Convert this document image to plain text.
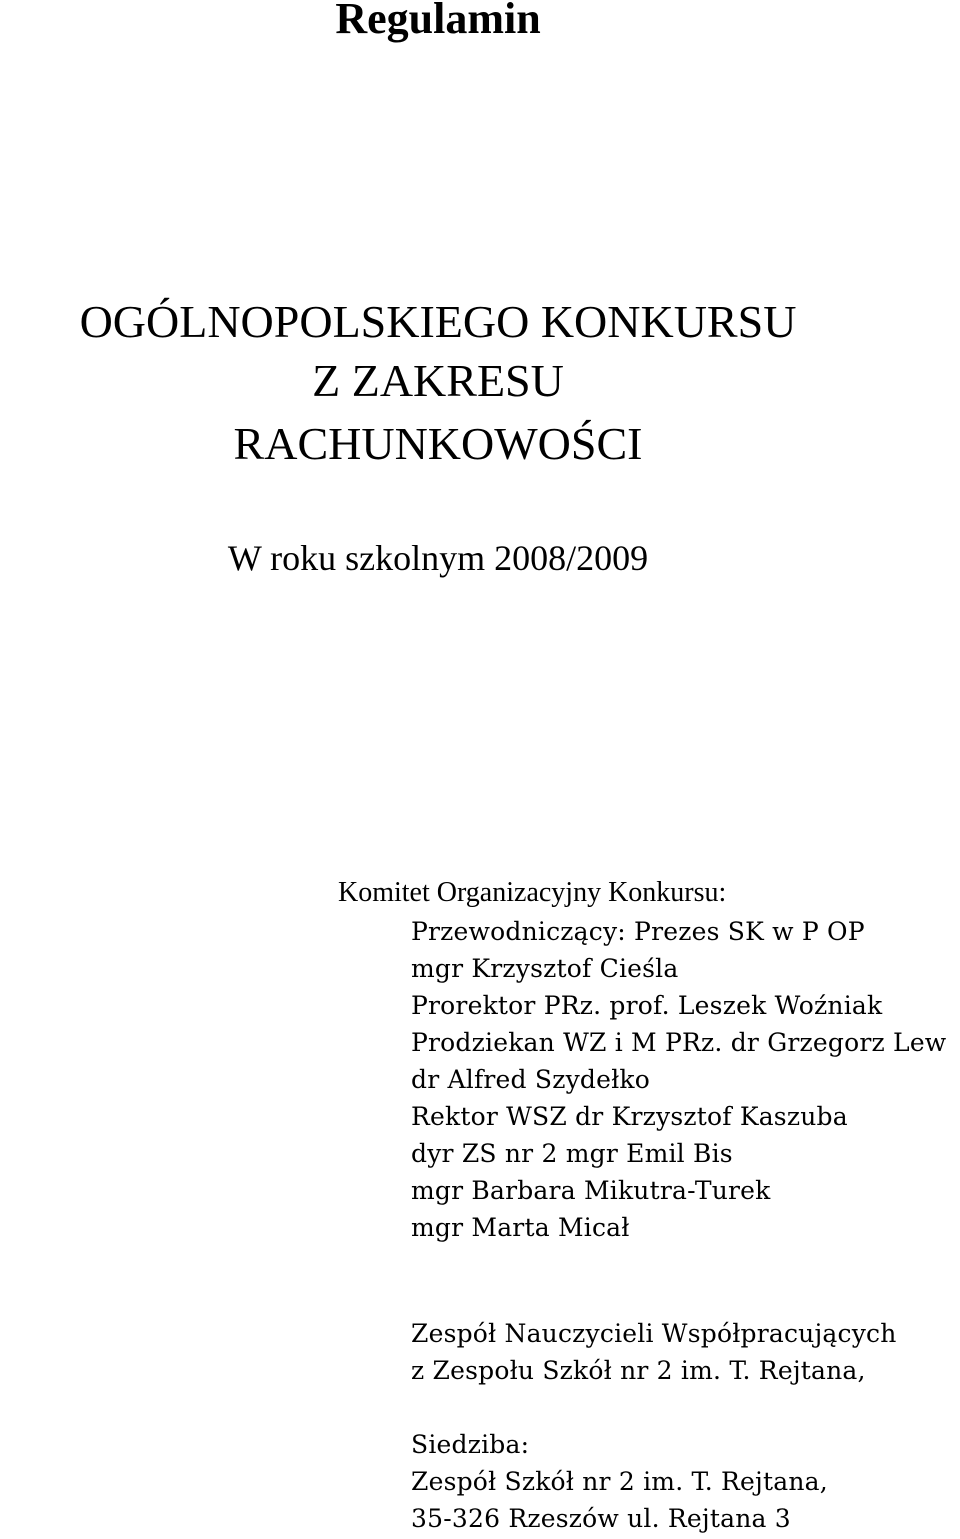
Regulamin
OGÓLNOPOLSKIEGO KONKURSU
Z ZAKRESU
RACHUNKOWOŚCI
W roku szkolnym 2008/2009
Komitet Organizacyjny Konkursu:
Przewodniczący: Prezes SK w P OP
mgr Krzysztof Cieśla
Prorektor PRz. prof. Leszek Woźniak
Prodziekan WZ i M PRz. dr Grzegorz Lew
dr Alfred Szydełko
Rektor WSZ dr Krzysztof Kaszuba
dyr ZS nr 2 mgr Emil Bis
mgr Barbara Mikutra-Turek
mgr Marta Micał
Zespół Nauczycieli Współpracujących
z Zespołu Szkół nr 2 im. T. Rejtana,
Siedziba:
Zespół Szkół nr 2 im. T. Rejtana,
35-326 Rzeszów ul. Rejtana 3
